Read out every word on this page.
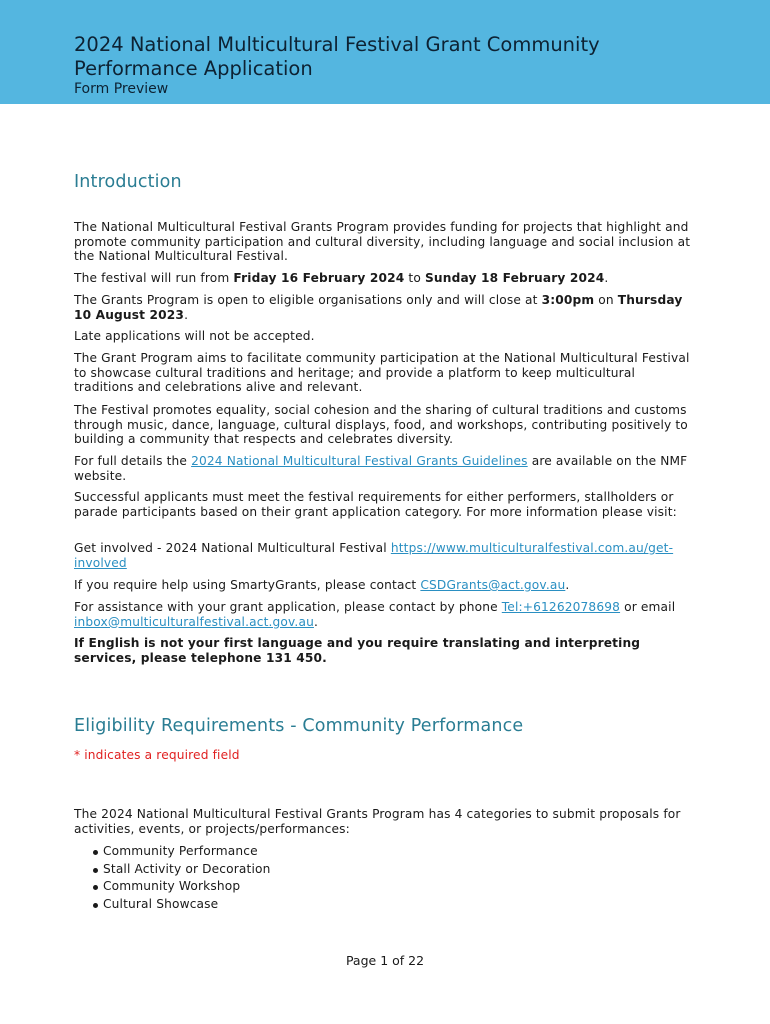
2024 National Multicultural Festival Grant Community Performance Application
Form Preview
Introduction
The National Multicultural Festival Grants Program provides funding for projects that highlight and promote community participation and cultural diversity, including language and social inclusion at the National Multicultural Festival.
The festival will run from Friday 16 February 2024 to Sunday 18 February 2024.
The Grants Program is open to eligible organisations only and will close at 3:00pm on Thursday 10 August 2023.
Late applications will not be accepted.
The Grant Program aims to facilitate community participation at the National Multicultural Festival to showcase cultural traditions and heritage; and provide a platform to keep multicultural traditions and celebrations alive and relevant.
The Festival promotes equality, social cohesion and the sharing of cultural traditions and customs through music, dance, language, cultural displays, food, and workshops, contributing positively to building a community that respects and celebrates diversity.
For full details the 2024 National Multicultural Festival Grants Guidelines are available on the NMF website.
Successful applicants must meet the festival requirements for either performers, stallholders or parade participants based on their grant application category. For more information please visit:
Get involved - 2024 National Multicultural Festival https://www.multiculturalfestival.com.au/get-involved
If you require help using SmartyGrants, please contact CSDGrants@act.gov.au.
For assistance with your grant application, please contact by phone Tel:+61262078698 or email inbox@multiculturalfestival.act.gov.au.
If English is not your first language and you require translating and interpreting services, please telephone 131 450.
Eligibility Requirements - Community Performance
* indicates a required field
The 2024 National Multicultural Festival Grants Program has 4 categories to submit proposals for activities, events, or projects/performances:
Community Performance
Stall Activity or Decoration
Community Workshop
Cultural Showcase
Page 1 of 22
